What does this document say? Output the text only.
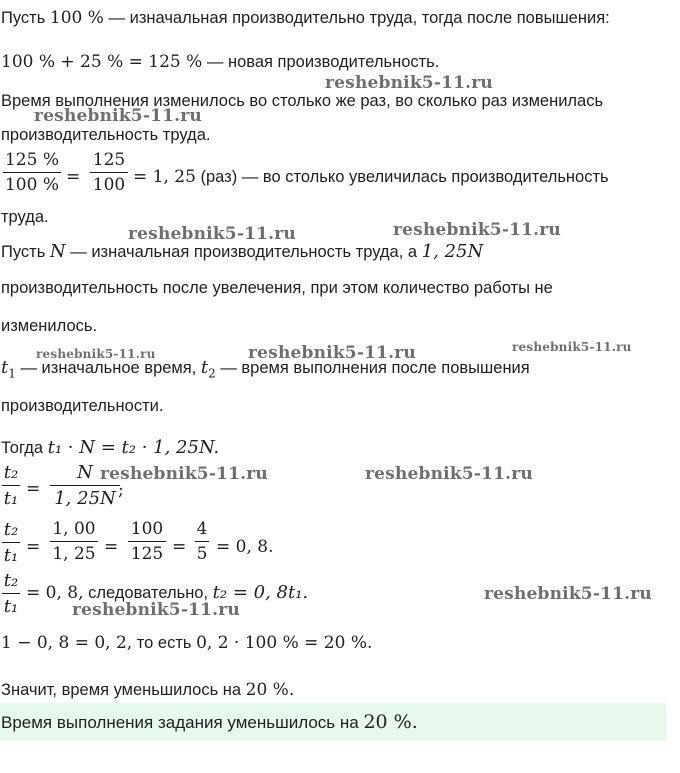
Пусть 100 % — изначальная производительно труда, тогда после повышения:
100 % + 25 % = 125 % — новая производительность.
Время выполнения изменилось во столько же раз, во сколько раз изменилась
производительность труда.
125 %
100 % =
125
100 = 1, 25 (раз) — во столько увеличилась производительность
труда.
Пусть N — изначальная производительность труда, а 1, 25N
производительность после увелечения, при этом количество работы не
изменилось.
$t_1$ — изначальное время, $t_2$ — время выполнения после повышения
производительности.
Тогда t₁ · N = t₂ · 1, 25N.
t₂
t₁ =
N
1, 25N ;
t₂
t₁ =
1, 00
1, 25 =
100
125 =
4
5 = 0, 8.
t₂
t₁
= 0, 8, следовательно, t₂ = 0, 8t₁.
1 − 0, 8 = 0, 2, то есть 0, 2 · 100 % = 20 %.
Значит, время уменьшилось на 20 %.
Время выполнения задания уменьшилось на 20 %.
reshebnik5-11.ru
reshebnik5-11.ru
reshebnik5-11.ru	reshebnik5-11.ru
reshebnik5-11.ru	reshebnik5-11.ru	reshebnik5-11.ru
reshebnik5-11.ru	reshebnik5-11.ru
reshebnik5-11.ru
reshebnik5-11.ru
